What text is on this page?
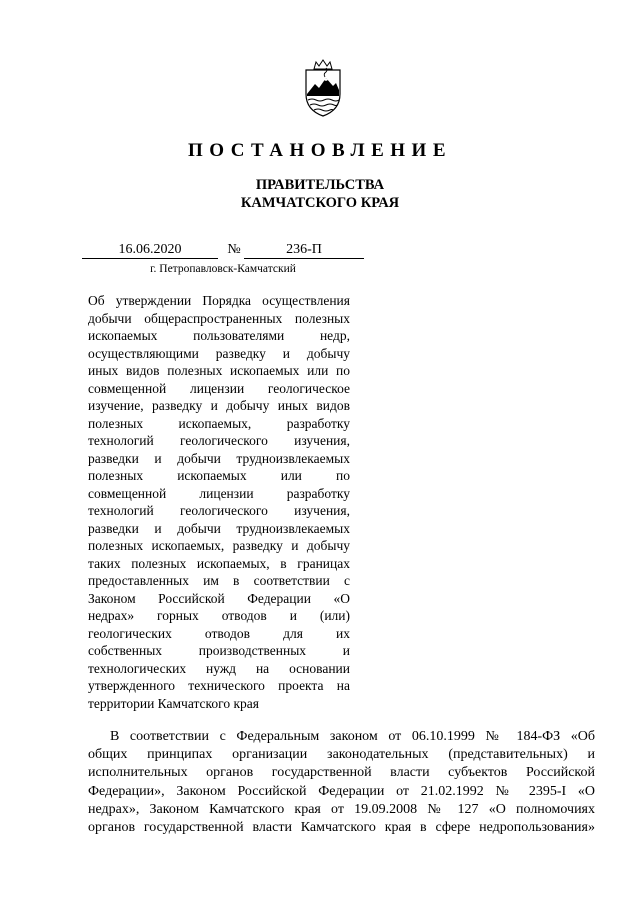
ПОСТАНОВЛЕНИЕ
ПРАВИТЕЛЬСТВА
КАМЧАТСКОГО КРАЯ
16.06.2020	№	236-П
г. Петропавловск-Камчатский
Об утверждении Порядка осуществления
добычи общераспространенных полезных
ископаемых пользователями недр,
осуществляющими разведку и добычу
иных видов полезных ископаемых или по
совмещенной лицензии геологическое
изучение, разведку и добычу иных видов
полезных ископаемых, разработку
технологий геологического изучения,
разведки и добычи трудноизвлекаемых
полезных ископаемых или по
совмещенной лицензии разработку
технологий геологического изучения,
разведки и добычи трудноизвлекаемых
полезных ископаемых, разведку и добычу
таких полезных ископаемых, в границах
предоставленных им в соответствии с
Законом Российской Федерации «О
недрах» горных отводов и (или)
геологических отводов для их
собственных производственных и
технологических нужд на основании
утвержденного технического проекта на
территории Камчатского края
В соответствии с Федеральным законом от 06.10.1999 № 184-ФЗ «Об
общих принципах организации законодательных (представительных) и
исполнительных органов государственной власти субъектов Российской
Федерации», Законом Российской Федерации от 21.02.1992 № 2395-I «О
недрах», Законом Камчатского края от 19.09.2008 № 127 «О полномочиях
органов государственной власти Камчатского края в сфере недропользования»
